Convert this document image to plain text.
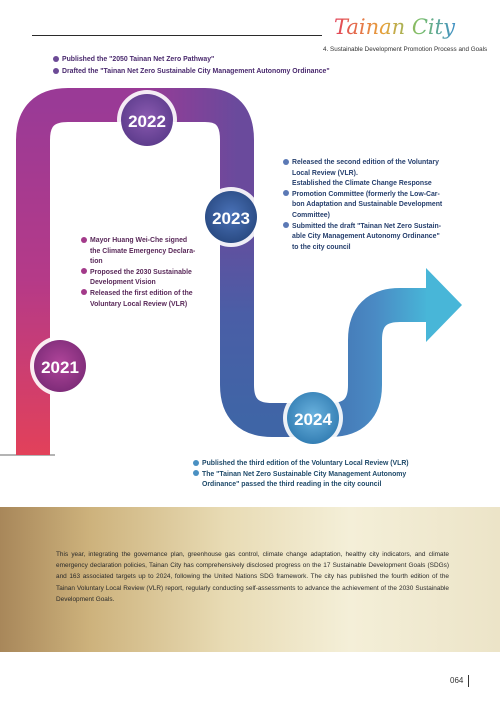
Tainan City
4. Sustainable Development Promotion Process and Goals
2022
2023
2021
2024
Published the "2050 Tainan Net Zero Pathway"
Drafted the "Tainan Net Zero Sustainable City Management Autonomy Ordinance"
Released the second edition of the Voluntary
Local Review (VLR).
Established the Climate Change Response
Promotion Committee (formerly the Low-Car-
bon Adaptation and Sustainable Development
Committee)
Submitted the draft "Tainan Net Zero Sustain-
able City Management Autonomy Ordinance"
to the city council
Mayor Huang Wei-Che signed
the Climate Emergency Declara-
tion
Proposed the 2030 Sustainable
Development Vision
Released the first edition of the
Voluntary Local Review (VLR)
Published the third edition of the Voluntary Local Review (VLR)
The "Tainan Net Zero Sustainable City Management Autonomy
Ordinance" passed the third reading in the city council
This year, integrating the governance plan, greenhouse gas control, climate change adaptation, healthy city indicators, and climate emergency declaration policies, Tainan City has comprehensively disclosed progress on the 17 Sustainable Development Goals (SDGs) and 163 associated targets up to 2024, following the United Nations SDG framework. The city has published the fourth edition of the Tainan Voluntary Local Review (VLR) report, regularly conducting self-assessments to advance the achievement of the 2030 Sustainable Development Goals.
064
